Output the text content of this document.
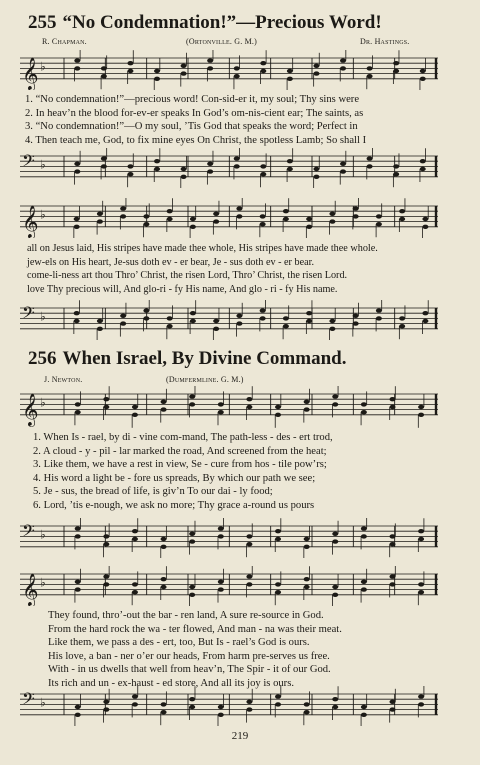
255 “No Condemnation!”—Precious Word!
R. Chapman.	(Ortonville. G. M.)	Dr. Hastings.
𝄞 ♭
1. “No condemnation!”—precious word! Con-sid-er it, my soul; Thy sins were
2. In heav’n the blood for-ev-er speaks In God’s om-nis-cient ear; The saints, as
3. “No condemnation!”—O my soul, ’Tis God that speaks the word; Perfect in
4. Then teach me, God, to fix mine eyes On Christ, the spotless Lamb; So shall I
𝄢 ♭
𝄞 ♭
all on Jesus laid, His stripes have made thee whole, His stripes have made thee whole.
jew-els on His heart, Je-sus doth ev - er bear, Je - sus doth ev - er bear.
come-li-ness art thou Thro’ Christ, the risen Lord, Thro’ Christ, the risen Lord.
love Thy precious will, And glo-ri - fy His name, And glo - ri - fy His name.
𝄢 ♭
256 When Israel, By Divine Command.
J. Newton.	(Dumfermline. G. M.)
𝄞 ♭
1. When Is - rael, by di - vine com-mand, The path-less - des - ert trod,
2. A cloud - y - pil - lar marked the road, And screened from the heat;
3. Like them, we have a rest in view, Se - cure from hos - tile pow’rs;
4. His word a light be - fore us spreads, By which our path we see;
5. Je - sus, the bread of life, is giv’n To our dai - ly food;
6. Lord, ’tis e-nough, we ask no more; Thy grace a-round us pours
𝄢 ♭
𝄞 ♭
They found, thro’-out the bar - ren land, A sure re-source in God.
From the hard rock the wa - ter flowed, And man - na was their meat.
Like them, we pass a des - ert, too, But Is - rael’s God is ours.
His love, a ban - ner o’er our heads, From harm pre-serves us free.
With - in us dwells that well from heav’n, The Spir - it of our God.
Its rich and un - ex-haust - ed store, And all its joy is ours.
𝄢 ♭
219
